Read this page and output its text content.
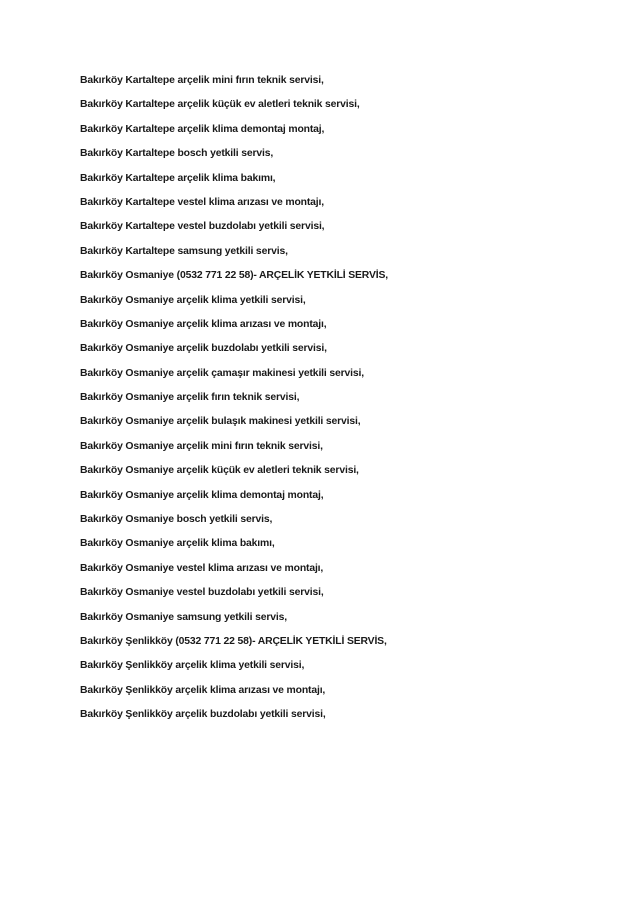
Bakırköy Kartaltepe arçelik mini fırın teknik servisi,
Bakırköy Kartaltepe arçelik küçük ev aletleri teknik servisi,
Bakırköy Kartaltepe arçelik klima demontaj montaj,
Bakırköy Kartaltepe bosch yetkili servis,
Bakırköy Kartaltepe arçelik klima bakımı,
Bakırköy Kartaltepe vestel klima arızası ve montajı,
Bakırköy Kartaltepe vestel buzdolabı yetkili servisi,
Bakırköy Kartaltepe samsung yetkili servis,
Bakırköy Osmaniye (0532 771 22 58)- ARÇELİK YETKİLİ SERVİS,
Bakırköy Osmaniye arçelik klima yetkili servisi,
Bakırköy Osmaniye arçelik klima arızası ve montajı,
Bakırköy Osmaniye arçelik buzdolabı yetkili servisi,
Bakırköy Osmaniye arçelik çamaşır makinesi yetkili servisi,
Bakırköy Osmaniye arçelik fırın teknik servisi,
Bakırköy Osmaniye arçelik bulaşık makinesi yetkili servisi,
Bakırköy Osmaniye arçelik mini fırın teknik servisi,
Bakırköy Osmaniye arçelik küçük ev aletleri teknik servisi,
Bakırköy Osmaniye arçelik klima demontaj montaj,
Bakırköy Osmaniye bosch yetkili servis,
Bakırköy Osmaniye arçelik klima bakımı,
Bakırköy Osmaniye vestel klima arızası ve montajı,
Bakırköy Osmaniye vestel buzdolabı yetkili servisi,
Bakırköy Osmaniye samsung yetkili servis,
Bakırköy Şenlikköy (0532 771 22 58)- ARÇELİK YETKİLİ SERVİS,
Bakırköy Şenlikköy arçelik klima yetkili servisi,
Bakırköy Şenlikköy arçelik klima arızası ve montajı,
Bakırköy Şenlikköy arçelik buzdolabı yetkili servisi,
